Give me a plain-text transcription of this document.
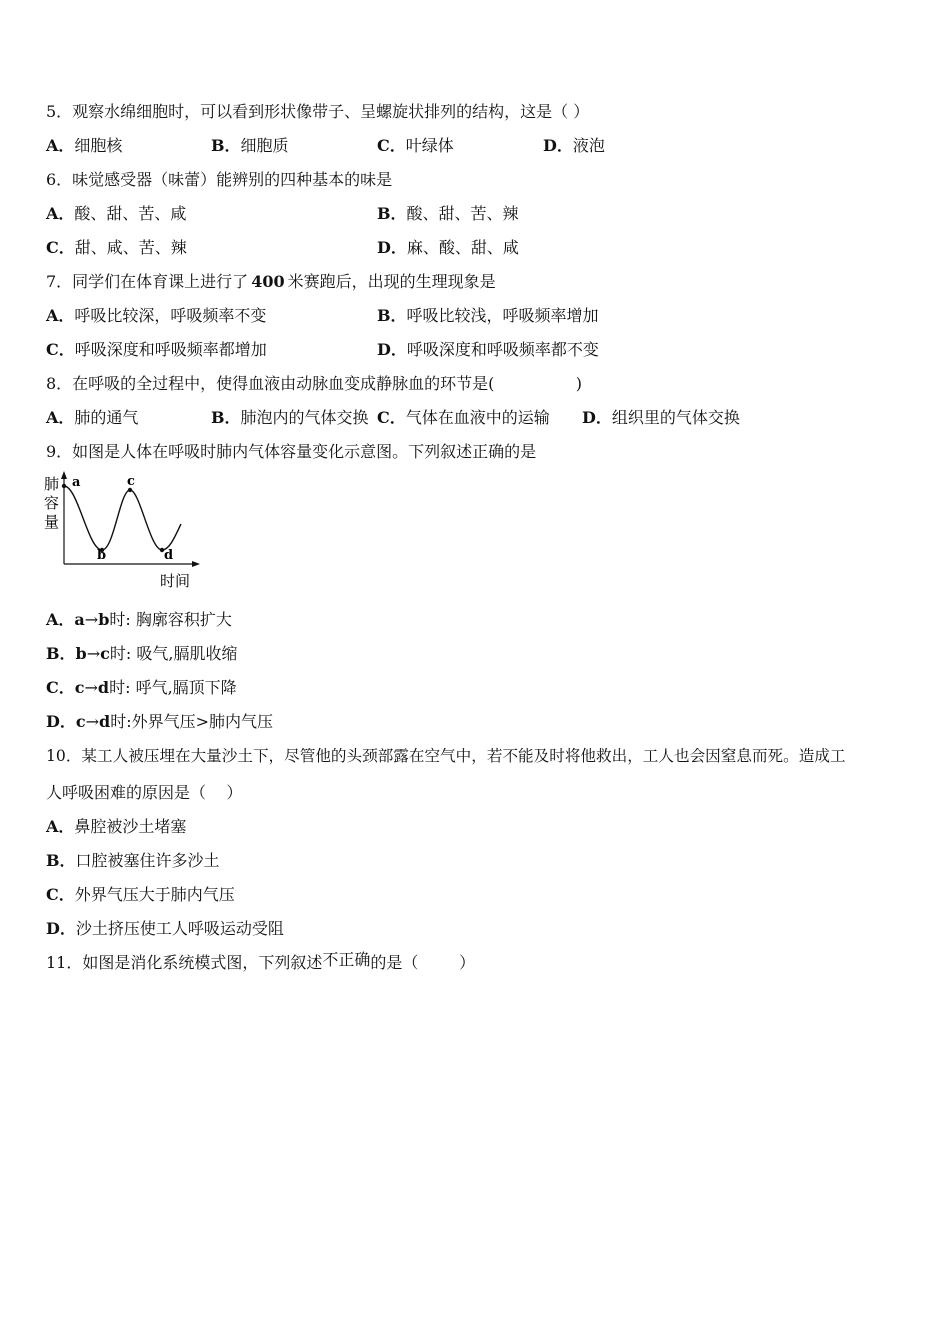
5．观察水绵细胞时，可以看到形状像带子、呈螺旋状排列的结构，这是（ ）
A．细胞核	B．细胞质	C．叶绿体	D．液泡
6．味觉感受器（味蕾）能辨别的四种基本的味是
A．酸、甜、苦、咸	B．酸、甜、苦、辣
C．甜、咸、苦、辣	D．麻、酸、甜、咸
7．同学们在体育课上进行了 400 米赛跑后，出现的生理现象是
A．呼吸比较深，呼吸频率不变	B．呼吸比较浅，呼吸频率增加
C．呼吸深度和呼吸频率都增加	D．呼吸深度和呼吸频率都不变
8．在呼吸的全过程中，使得血液由动脉血变成静脉血的环节是(                )
A．肺的通气	B．肺泡内的气体交换 C．气体在血液中的运输 D．组织里的气体交换
9．如图是人体在呼吸时肺内气体容量变化示意图。下列叙述正确的是
肺
容
量
a
b
c
d
时间
A．a→b时: 胸廓容积扩大
B．b→c时: 吸气,膈肌收缩
C．c→d时: 呼气,膈顶下降
D．c→d时:外界气压>肺内气压
10．某工人被压埋在大量沙土下，尽管他的头颈部露在空气中，若不能及时将他救出，工人也会因窒息而死。造成工
人呼吸困难的原因是（    ）
A．鼻腔被沙土堵塞
B．口腔被塞住许多沙土
C．外界气压大于肺内气压
D．沙土挤压使工人呼吸运动受阻
11．如图是消化系统模式图，下列叙述不正确的是（        ）
